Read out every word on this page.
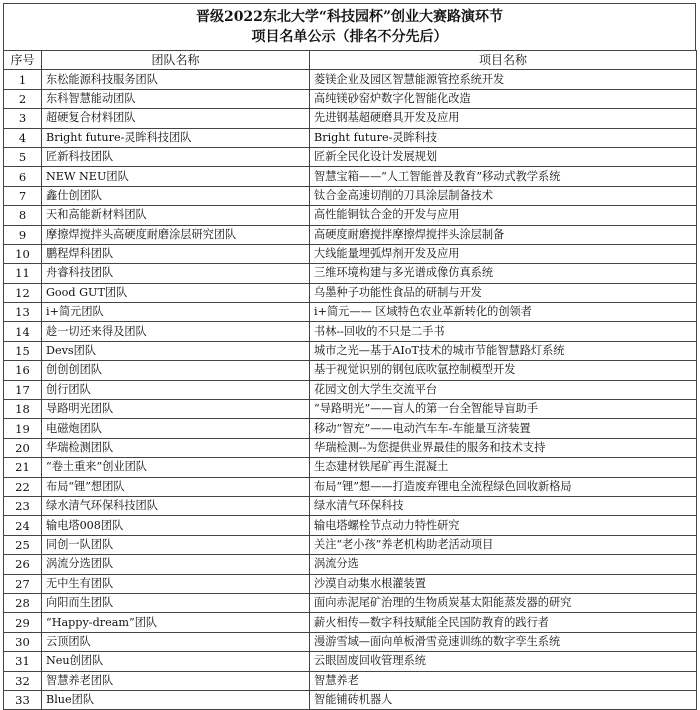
晋级2022东北大学“科技园杯”创业大赛路演环节
项目名单公示（排名不分先后）
序号	团队名称	项目名称
1	东松能源科技服务团队	菱镁企业及园区智慧能源管控系统开发
2	东科智慧能动团队	高纯镁砂窑炉数字化智能化改造
3	超硬复合材料团队	先进钢基超硬磨具开发及应用
4	Bright future-灵眸科技团队	Bright future-灵眸科技
5	匠新科技团队	匠新全民化设计发展规划
6	NEW NEU团队	智慧宝箱——“人工智能普及教育”移动式教学系统
7	鑫仕创团队	钛合金高速切削的刀具涂层制备技术
8	天和高能新材料团队	高性能铜钛合金的开发与应用
9	摩擦焊搅拌头高硬度耐磨涂层研究团队	高硬度耐磨搅拌摩擦焊搅拌头涂层制备
10	鹏程焊科团队	大线能量埋弧焊剂开发及应用
11	舟睿科技团队	三维环境构建与多光谱成像仿真系统
12	Good GUT团队	乌墨种子功能性食品的研制与开发
13	i+简元团队	i+简元—— 区域特色农业革新转化的创领者
14	趁一切还来得及团队	书林--回收的不只是二手书
15	Devs团队	城市之光—基于AIoT技术的城市节能智慧路灯系统
16	创创创团队	基于视觉识别的钢包底吹氩控制模型开发
17	创行团队	花园文创大学生交流平台
18	导路明光团队	“导路明光”——盲人的第一台全智能导盲助手
19	电磁炮团队	移动“智充”——电动汽车车-车能量互济装置
20	华瑞检测团队	华瑞检测--为您提供业界最佳的服务和技术支持
21	“卷土重来”创业团队	生态建材铁尾矿再生混凝土
22	布局“锂”想团队	布局“锂”想——打造废弃锂电全流程绿色回收新格局
23	绿水清气环保科技团队	绿水清气环保科技
24	输电塔008团队	输电塔螺栓节点动力特性研究
25	同创一队团队	关注“老小孩”养老机构助老活动项目
26	涡流分选团队	涡流分选
27	无中生有团队	沙漠自动集水根灌装置
28	向阳而生团队	面向赤泥尾矿治理的生物质炭基太阳能蒸发器的研究
29	“Happy-dream”团队	薪火相传—数字科技赋能全民国防教育的践行者
30	云顶团队	漫游雪域—面向单板滑雪竞速训练的数字孪生系统
31	Neu创团队	云眼固废回收管理系统
32	智慧养老团队	智慧养老
33	Blue团队	智能铺砖机器人
